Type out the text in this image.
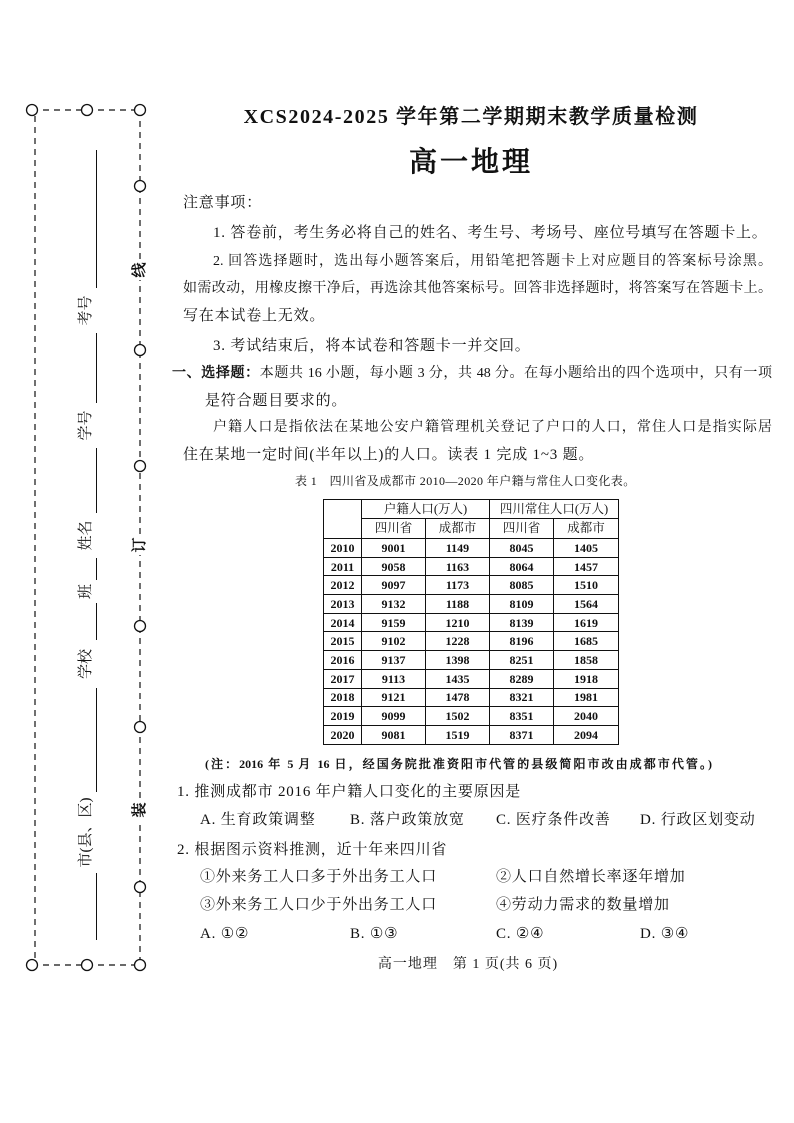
线
订
装
市(县、区)
学校
班
姓名
学号
考号
XCS2024-2025 学年第二学期期末教学质量检测
高一地理
注意事项：
1. 答卷前，考生务必将自己的姓名、考生号、考场号、座位号填写在答题卡上。
2. 回答选择题时，选出每小题答案后，用铅笔把答题卡上对应题目的答案标号涂黑。
如需改动，用橡皮擦干净后，再选涂其他答案标号。回答非选择题时，将答案写在答题卡上。
写在本试卷上无效。
3. 考试结束后，将本试卷和答题卡一并交回。
一、选择题：本题共 16 小题，每小题 3 分，共 48 分。在每小题给出的四个选项中，只有一项
是符合题目要求的。
户籍人口是指依法在某地公安户籍管理机关登记了户口的人口，常住人口是指实际居
住在某地一定时间(半年以上)的人口。读表 1 完成 1~3 题。
表 1　四川省及成都市 2010—2020 年户籍与常住人口变化表。
	户籍人口(万人)		四川常住人口(万人)	
	四川省	成都市	四川省	成都市
2010	9001	1149	8045	1405
2011	9058	1163	8064	1457
2012	9097	1173	8085	1510
2013	9132	1188	8109	1564
2014	9159	1210	8139	1619
2015	9102	1228	8196	1685
2016	9137	1398	8251	1858
2017	9113	1435	8289	1918
2018	9121	1478	8321	1981
2019	9099	1502	8351	2040
2020	9081	1519	8371	2094
(注：2016 年 5 月 16 日，经国务院批准资阳市代管的县级简阳市改由成都市代管。)
1. 推测成都市 2016 年户籍人口变化的主要原因是
A. 生育政策调整 B. 落户政策放宽 C. 医疗条件改善 D. 行政区划变动
2. 根据图示资料推测，近十年来四川省
①外来务工人口多于外出务工人口	②人口自然增长率逐年增加
③外来务工人口少于外出务工人口	④劳动力需求的数量增加
A. ①②	B. ①③	C. ②④	D. ③④
高一地理　第 1 页(共 6 页)
